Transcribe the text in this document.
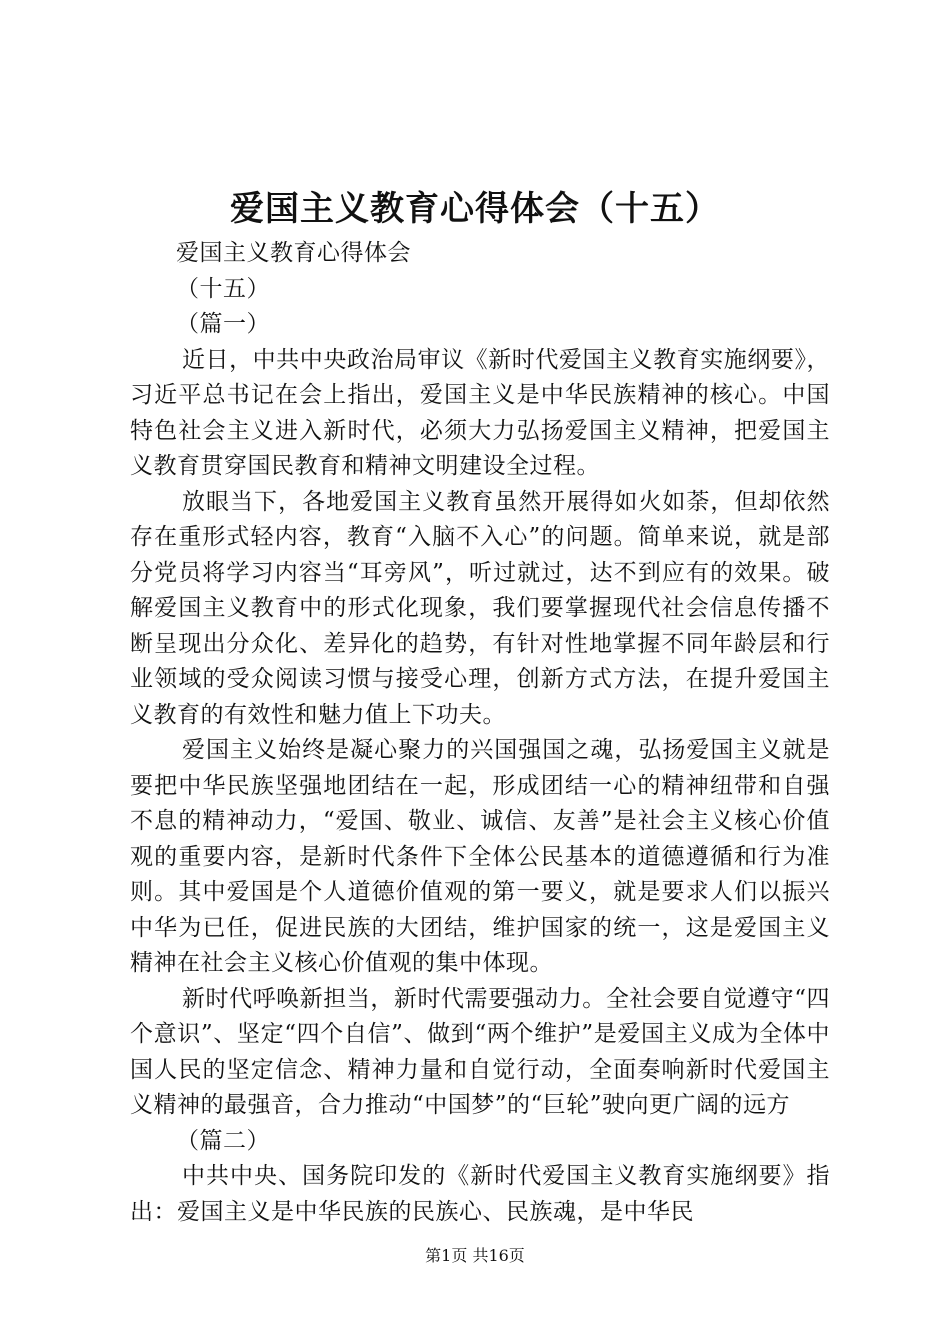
爱国主义教育心得体会（十五）

爱国主义教育心得体会

（十五）

（篇一）

近日，中共中央政治局审议《新时代爱国主义教育实施纲要》，习近平总书记在会上指出，爱国主义是中华民族精神的核心。中国特色社会主义进入新时代，必须大力弘扬爱国主义精神，把爱国主义教育贯穿国民教育和精神文明建设全过程。

放眼当下，各地爱国主义教育虽然开展得如火如荼，但却依然存在重形式轻内容，教育“入脑不入心”的问题。简单来说，就是部分党员将学习内容当“耳旁风”，听过就过，达不到应有的效果。破解爱国主义教育中的形式化现象，我们要掌握现代社会信息传播不断呈现出分众化、差异化的趋势，有针对性地掌握不同年龄层和行业领域的受众阅读习惯与接受心理，创新方式方法，在提升爱国主义教育的有效性和魅力值上下功夫。

爱国主义始终是凝心聚力的兴国强国之魂，弘扬爱国主义就是要把中华民族坚强地团结在一起，形成团结一心的精神纽带和自强不息的精神动力，“爱国、敬业、诚信、友善”是社会主义核心价值观的重要内容，是新时代条件下全体公民基本的道德遵循和行为准则。其中爱国是个人道德价值观的第一要义，就是要求人们以振兴中华为已任，促进民族的大团结，维护国家的统一，这是爱国主义精神在社会主义核心价值观的集中体现。

新时代呼唤新担当，新时代需要强动力。全社会要自觉遵守“四个意识”、坚定“四个自信”、做到“两个维护”是爱国主义成为全体中国人民的坚定信念、精神力量和自觉行动，全面奏响新时代爱国主义精神的最强音，合力推动“中国梦”的“巨轮”驶向更广阔的远方

（篇二）

中共中央、国务院印发的《新时代爱国主义教育实施纲要》指出：爱国主义是中华民族的民族心、民族魂，是中华民

第1页 共16页
